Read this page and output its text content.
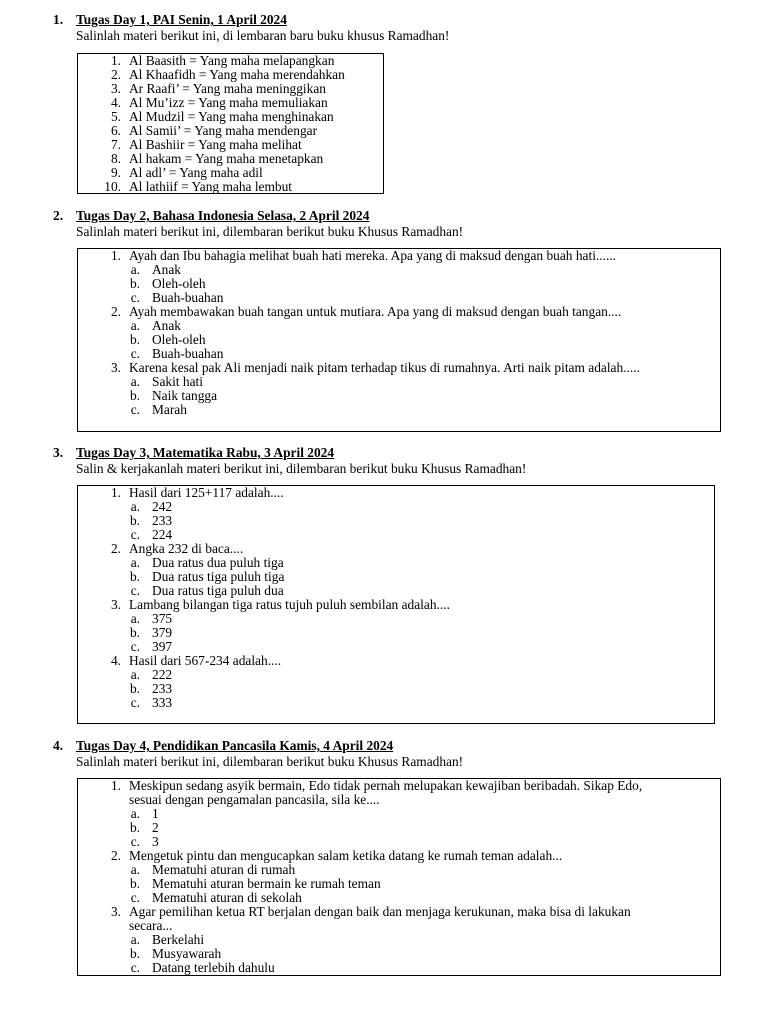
1. Tugas Day 1, PAI Senin, 1 April 2024
Salinlah materi berikut ini, di lembaran baru buku khusus Ramadhan!
1. Al Baasith = Yang maha melapangkan
2. Al Khaafidh = Yang maha merendahkan
3. Ar Raafi’ = Yang maha meninggikan
4. Al Mu’izz = Yang maha memuliakan
5. Al Mudzil = Yang maha menghinakan
6. Al Samii’ = Yang maha mendengar
7. Al Bashiir = Yang maha melihat
8. Al hakam = Yang maha menetapkan
9. Al adl’ = Yang maha adil
10. Al lathiif = Yang maha lembut
2. Tugas Day 2, Bahasa Indonesia Selasa, 2 April 2024
Salinlah materi berikut ini, dilembaran berikut buku Khusus Ramadhan!
1. Ayah dan Ibu bahagia melihat buah hati mereka. Apa yang di maksud dengan buah hati......
a. Anak
b. Oleh-oleh
c. Buah-buahan
2. Ayah membawakan buah tangan untuk mutiara. Apa yang di maksud dengan buah tangan....
a. Anak
b. Oleh-oleh
c. Buah-buahan
3. Karena kesal pak Ali menjadi naik pitam terhadap tikus di rumahnya. Arti naik pitam adalah.....
a. Sakit hati
b. Naik tangga
c. Marah
3. Tugas Day 3, Matematika Rabu, 3 April 2024
Salin & kerjakanlah materi berikut ini, dilembaran berikut buku Khusus Ramadhan!
1. Hasil dari 125+117 adalah....
a. 242
b. 233
c. 224
2. Angka 232 di baca....
a. Dua ratus dua puluh tiga
b. Dua ratus tiga puluh tiga
c. Dua ratus tiga puluh dua
3. Lambang bilangan tiga ratus tujuh puluh sembilan adalah....
a. 375
b. 379
c. 397
4. Hasil dari 567-234 adalah....
a. 222
b. 233
c. 333
4. Tugas Day 4, Pendidikan Pancasila Kamis, 4 April 2024
Salinlah materi berikut ini, dilembaran berikut buku Khusus Ramadhan!
1. Meskipun sedang asyik bermain, Edo tidak pernah melupakan kewajiban beribadah. Sikap Edo,
sesuai dengan pengamalan pancasila, sila ke....
a. 1
b. 2
c. 3
2. Mengetuk pintu dan mengucapkan salam ketika datang ke rumah teman adalah...
a. Mematuhi aturan di rumah
b. Mematuhi aturan bermain ke rumah teman
c. Mematuhi aturan di sekolah
3. Agar pemilihan ketua RT berjalan dengan baik dan menjaga kerukunan, maka bisa di lakukan
secara...
a. Berkelahi
b. Musyawarah
c. Datang terlebih dahulu
